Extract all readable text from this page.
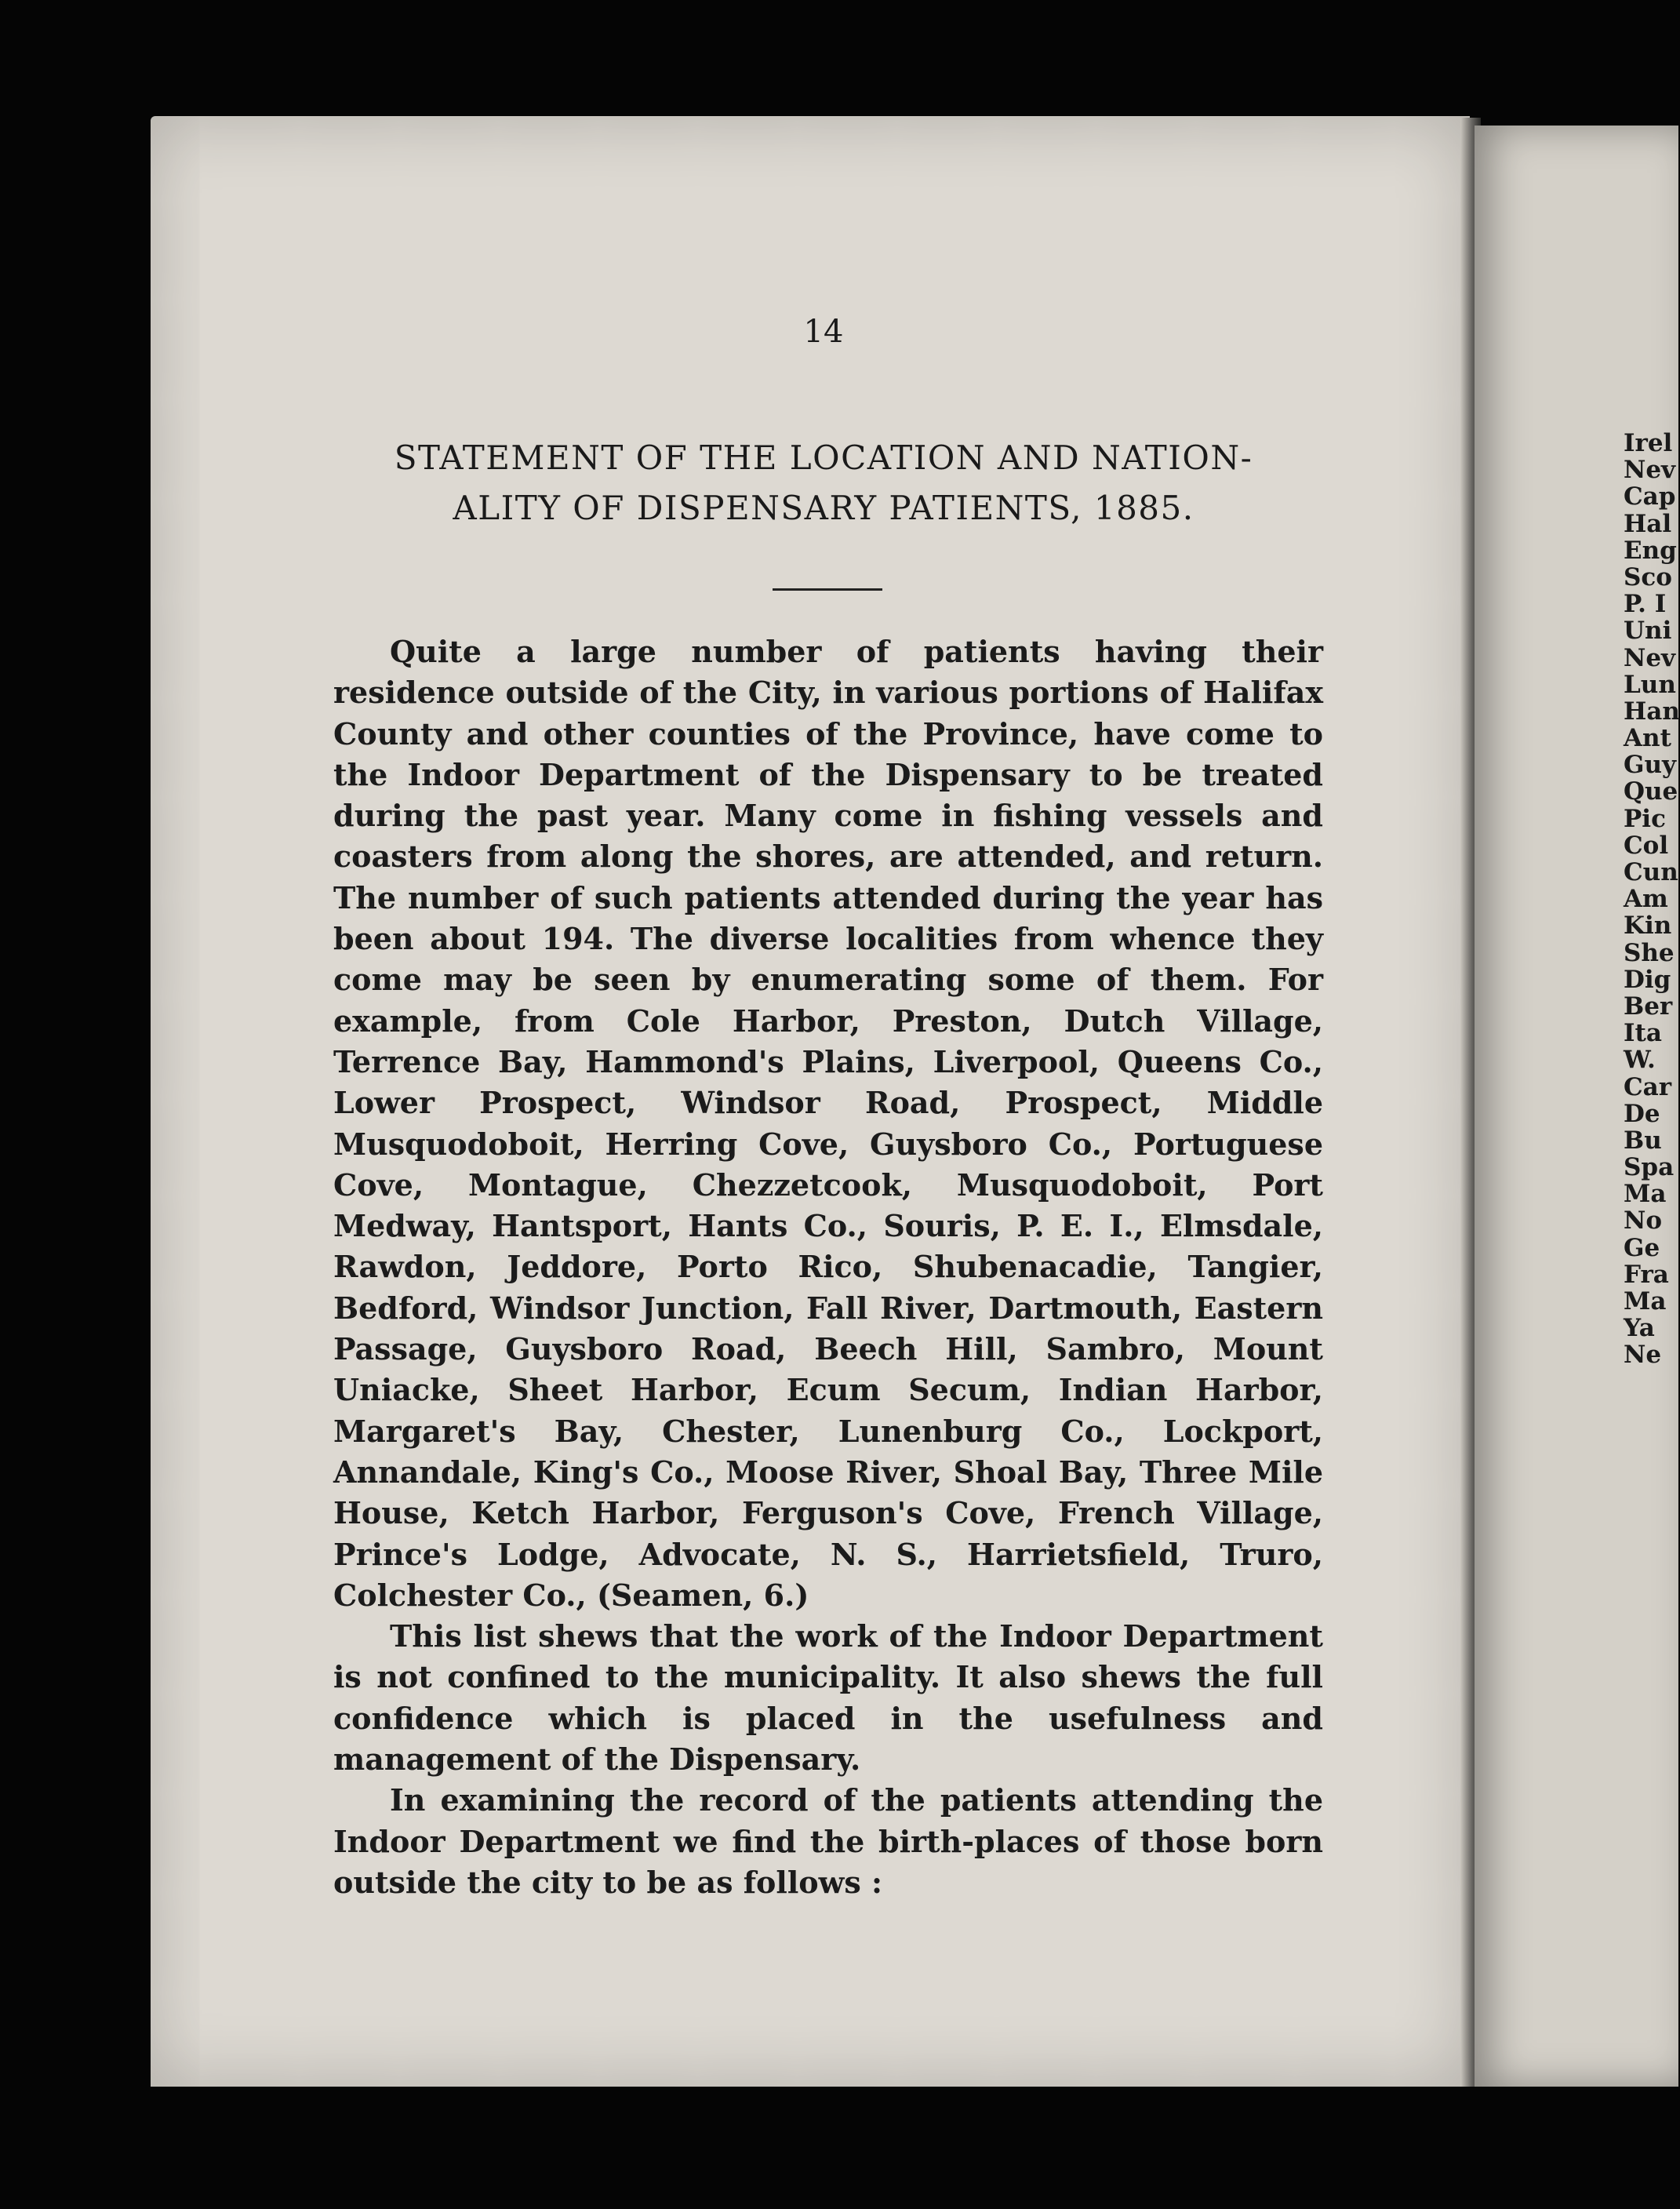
14
STATEMENT OF THE LOCATION AND NATION-
ALITY OF DISPENSARY PATIENTS, 1885.

Quite a large number of patients having their residence outside of the City, in various portions of Halifax County and other counties of the Province, have come to the Indoor Department of the Dispensary to be treated during the past year. Many come in fishing vessels and coasters from along the shores, are attended, and return. The number of such patients attended during the year has been about 194. The diverse localities from whence they come may be seen by enumerating some of them. For example, from Cole Harbor, Preston, Dutch Village, Terrence Bay, Hammond's Plains, Liverpool, Queens Co., Lower Prospect, Windsor Road, Prospect, Middle Musquodoboit, Herring Cove, Guysboro Co., Portuguese Cove, Montague, Chezzetcook, Musquodoboit, Port Medway, Hantsport, Hants Co., Souris, P. E. I., Elmsdale, Rawdon, Jeddore, Porto Rico, Shubenacadie, Tangier, Bedford, Windsor Junction, Fall River, Dartmouth, Eastern Passage, Guysboro Road, Beech Hill, Sambro, Mount Uniacke, Sheet Harbor, Ecum Secum, Indian Harbor, Margaret's Bay, Chester, Lunenburg Co., Lockport, Annandale, King's Co., Moose River, Shoal Bay, Three Mile House, Ketch Harbor, Ferguson's Cove, French Village, Prince's Lodge, Advocate, N. S., Harrietsfield, Truro, Colchester Co., (Seamen, 6.)

This list shews that the work of the Indoor Department is not confined to the municipality. It also shews the full confidence which is placed in the usefulness and management of the Dispensary.

In examining the record of the patients attending the Indoor Department we find the birth-places of those born outside the city to be as follows :

Irel
Nev
Cap
Hal
Eng
Sco
P. I
Uni
Nev
Lun
Han
Ant
Guy
Que
Pic
Col
Cun
Am
Kin
She
Dig
Ber
Ita
W.
Car
De
Bu
Spa
Ma
No
Ge
Fra
Ma
Ya
Ne
